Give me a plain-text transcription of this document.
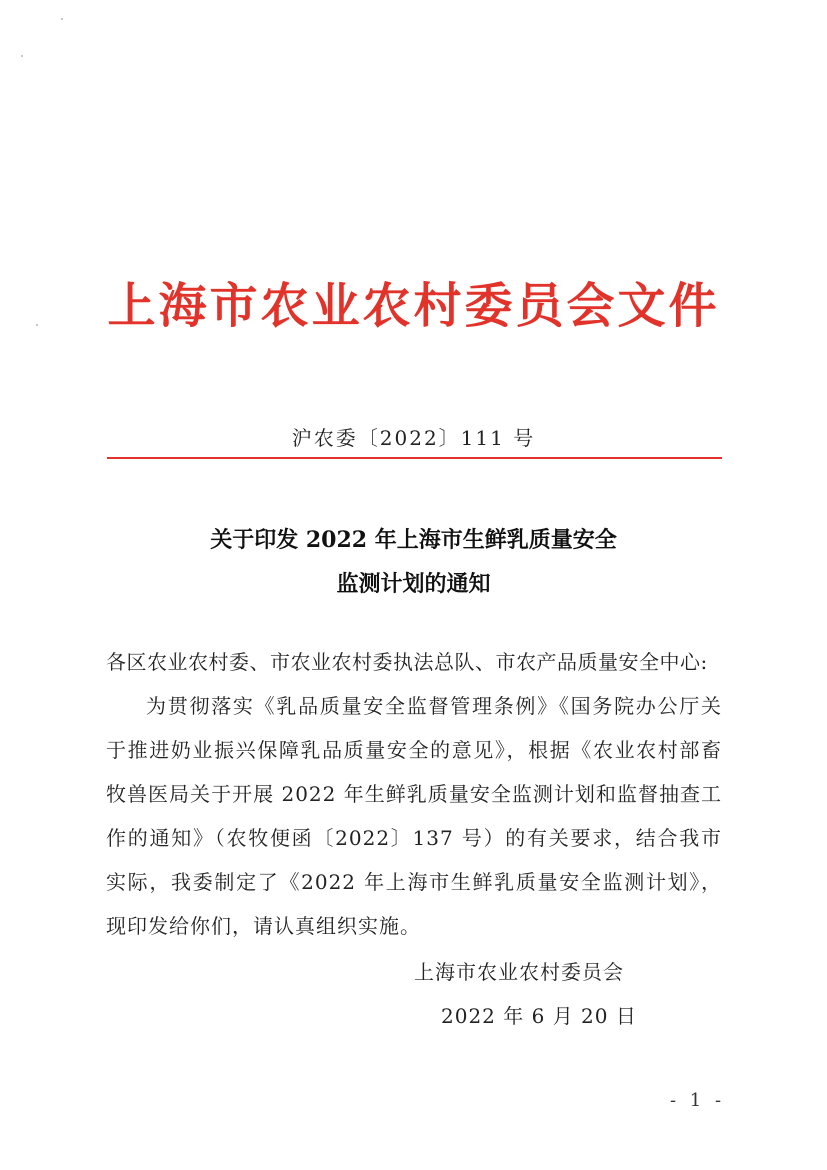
上海市农业农村委员会文件
沪农委〔2022〕111 号
关于印发 2022 年上海市生鲜乳质量安全
监测计划的通知
各区农业农村委、市农业农村委执法总队、市农产品质量安全中心:
为贯彻落实《乳品质量安全监督管理条例》《国务院办公厅关于推进奶业振兴保障乳品质量安全的意见》，根据《农业农村部畜牧兽医局关于开展 2022 年生鲜乳质量安全监测计划和监督抽查工作的通知》（农牧便函〔2022〕137 号）的有关要求，结合我市实际，我委制定了《2022 年上海市生鲜乳质量安全监测计划》，现印发给你们，请认真组织实施。
上海市农业农村委员会
2022 年 6 月 20 日
- 1 -
